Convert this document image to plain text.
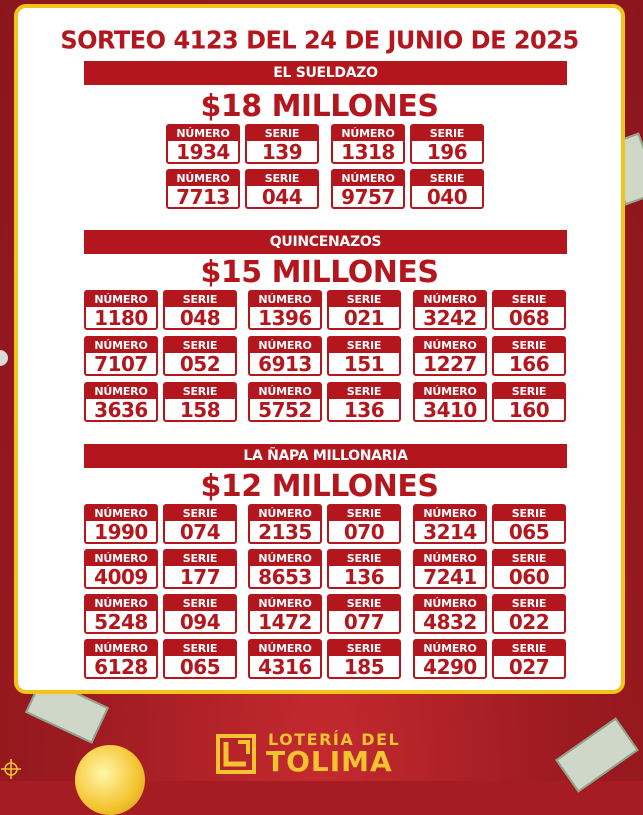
SORTEO 4123 DEL 24 DE JUNIO DE 2025
EL SUELDAZO
$18 MILLONES
NÚMERO
1934
SERIE
139
NÚMERO
1318
SERIE
196
NÚMERO
7713
SERIE
044
NÚMERO
9757
SERIE
040
QUINCENAZOS
$15 MILLONES
NÚMERO
1180
SERIE
048
NÚMERO
1396
SERIE
021
NÚMERO
3242
SERIE
068
NÚMERO
7107
SERIE
052
NÚMERO
6913
SERIE
151
NÚMERO
1227
SERIE
166
NÚMERO
3636
SERIE
158
NÚMERO
5752
SERIE
136
NÚMERO
3410
SERIE
160
LA ÑAPA MILLONARIA
$12 MILLONES
NÚMERO
1990
SERIE
074
NÚMERO
2135
SERIE
070
NÚMERO
3214
SERIE
065
NÚMERO
4009
SERIE
177
NÚMERO
8653
SERIE
136
NÚMERO
7241
SERIE
060
NÚMERO
5248
SERIE
094
NÚMERO
1472
SERIE
077
NÚMERO
4832
SERIE
022
NÚMERO
6128
SERIE
065
NÚMERO
4316
SERIE
185
NÚMERO
4290
SERIE
027
LOTERÍA DEL
TOLIMA
